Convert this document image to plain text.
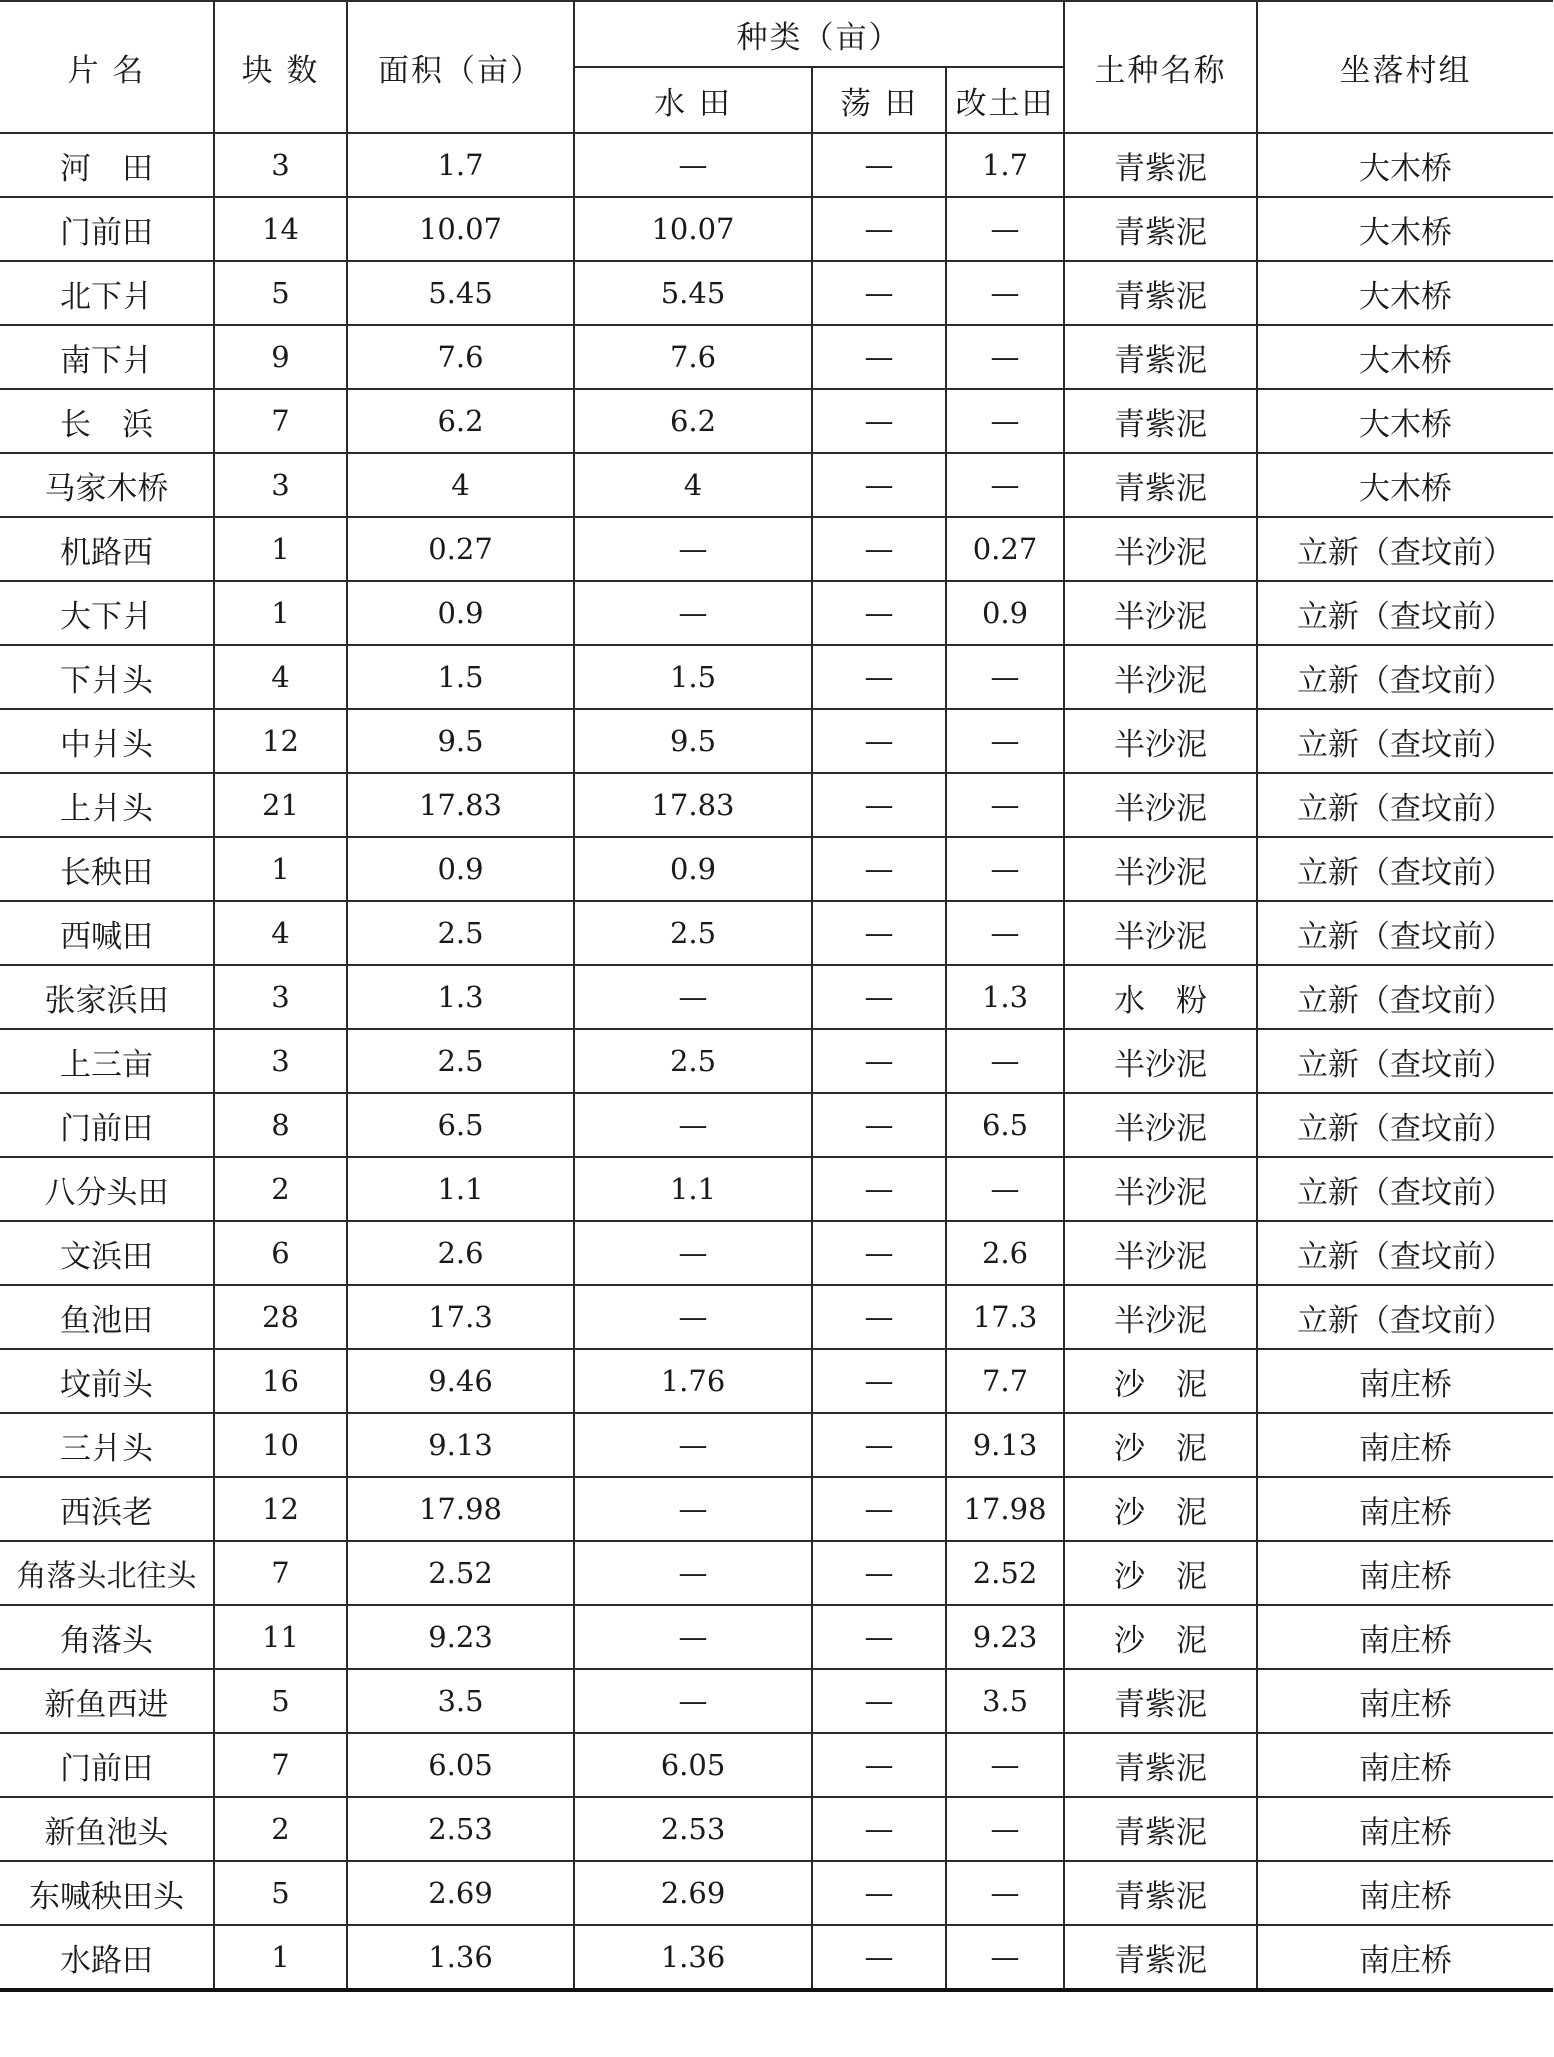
片 名	块 数	面积（亩）	种类（亩）			土种名称	坐落村组
			水 田	荡 田	改土田		
河　田	3	1.7	—	—	1.7	青紫泥	大木桥
门前田	14	10.07	10.07	—	—	青紫泥	大木桥
北下爿	5	5.45	5.45	—	—	青紫泥	大木桥
南下爿	9	7.6	7.6	—	—	青紫泥	大木桥
长　浜	7	6.2	6.2	—	—	青紫泥	大木桥
马家木桥	3	4	4	—	—	青紫泥	大木桥
机路西	1	0.27	—	—	0.27	半沙泥	立新（查坟前）
大下爿	1	0.9	—	—	0.9	半沙泥	立新（查坟前）
下爿头	4	1.5	1.5	—	—	半沙泥	立新（查坟前）
中爿头	12	9.5	9.5	—	—	半沙泥	立新（查坟前）
上爿头	21	17.83	17.83	—	—	半沙泥	立新（查坟前）
长秧田	1	0.9	0.9	—	—	半沙泥	立新（查坟前）
西喊田	4	2.5	2.5	—	—	半沙泥	立新（查坟前）
张家浜田	3	1.3	—	—	1.3	水　粉	立新（查坟前）
上三亩	3	2.5	2.5	—	—	半沙泥	立新（查坟前）
门前田	8	6.5	—	—	6.5	半沙泥	立新（查坟前）
八分头田	2	1.1	1.1	—	—	半沙泥	立新（查坟前）
文浜田	6	2.6	—	—	2.6	半沙泥	立新（查坟前）
鱼池田	28	17.3	—	—	17.3	半沙泥	立新（查坟前）
坟前头	16	9.46	1.76	—	7.7	沙　泥	南庄桥
三爿头	10	9.13	—	—	9.13	沙　泥	南庄桥
西浜老	12	17.98	—	—	17.98	沙　泥	南庄桥
角落头北往头	7	2.52	—	—	2.52	沙　泥	南庄桥
角落头	11	9.23	—	—	9.23	沙　泥	南庄桥
新鱼西进	5	3.5	—	—	3.5	青紫泥	南庄桥
门前田	7	6.05	6.05	—	—	青紫泥	南庄桥
新鱼池头	2	2.53	2.53	—	—	青紫泥	南庄桥
东喊秧田头	5	2.69	2.69	—	—	青紫泥	南庄桥
水路田	1	1.36	1.36	—	—	青紫泥	南庄桥
